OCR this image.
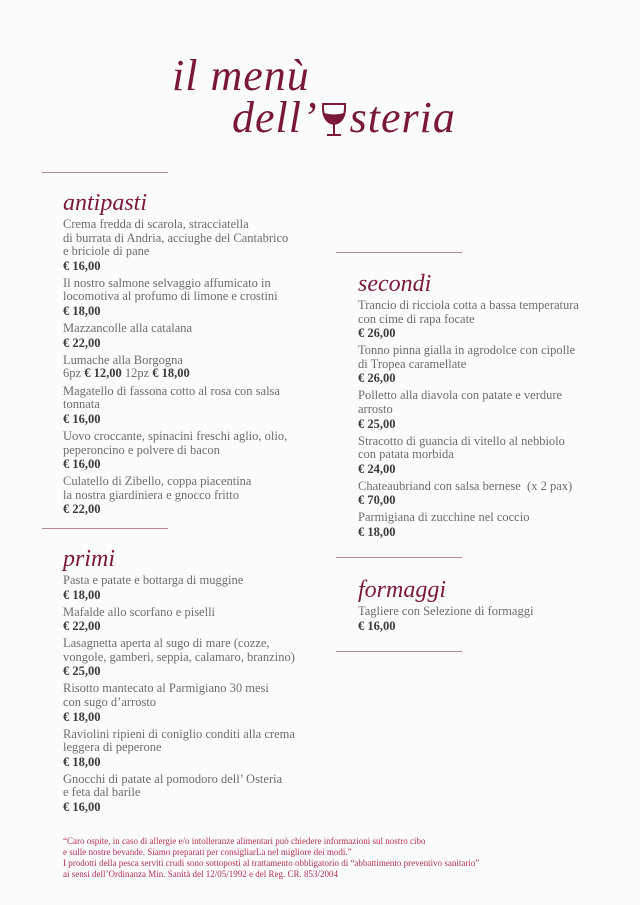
il menù
dell’ steria
antipasti
Crema fredda di scarola, stracciatella
di burrata di Andria, acciughe del Cantabrico
e briciole di pane
€ 16,00
Il nostro salmone selvaggio affumicato in
locomotiva al profumo di limone e crostini
€ 18,00
Mazzancolle alla catalana
€ 22,00
Lumache alla Borgogna
6pz € 12,00 12pz € 18,00
Magatello di fassona cotto al rosa con salsa
tonnata
€ 16,00
Uovo croccante, spinacini freschi aglio, olio,
peperoncino e polvere di bacon
€ 16,00
Culatello di Zibello, coppa piacentina
la nostra giardiniera e gnocco fritto
€ 22,00
primi
Pasta e patate e bottarga di muggine
€ 18,00
Mafalde allo scorfano e piselli
€ 22,00
Lasagnetta aperta al sugo di mare (cozze,
vongole, gamberi, seppia, calamaro, branzino)
€ 25,00
Risotto mantecato al Parmigiano 30 mesi
con sugo d’arrosto
€ 18,00
Raviolini ripieni di coniglio conditi alla crema
leggera di peperone
€ 18,00
Gnocchi di patate al pomodoro dell’ Osteria
e feta dal barile
€ 16,00
secondi
Trancio di ricciola cotta a bassa temperatura
con cime di rapa focate
€ 26,00
Tonno pinna gialla in agrodolce con cipolle
di Tropea caramellate
€ 26,00
Polletto alla diavola con patate e verdure
arrosto
€ 25,00
Stracotto di guancia di vitello al nebbiolo
con patata morbida
€ 24,00
Chateaubriand con salsa bernese  (x 2 pax)
€ 70,00
Parmigiana di zucchine nel coccio
€ 18,00
formaggi
Tagliere con Selezione di formaggi
€ 16,00
“Caro ospite, in caso di allergie e/o intolleranze alimentari può chiedere informazioni sul nostro cibo
e sulle nostre bevande. Siamo preparati per consigliarLa nel migliore dei modi.”
I prodotti della pesca serviti crudi sono sottoposti al trattamento obbligatorio di “abbattimento preventivo sanitario”
ai sensi dell’Ordinanza Min. Sanità del 12/05/1992 e del Reg. CR. 853/2004
